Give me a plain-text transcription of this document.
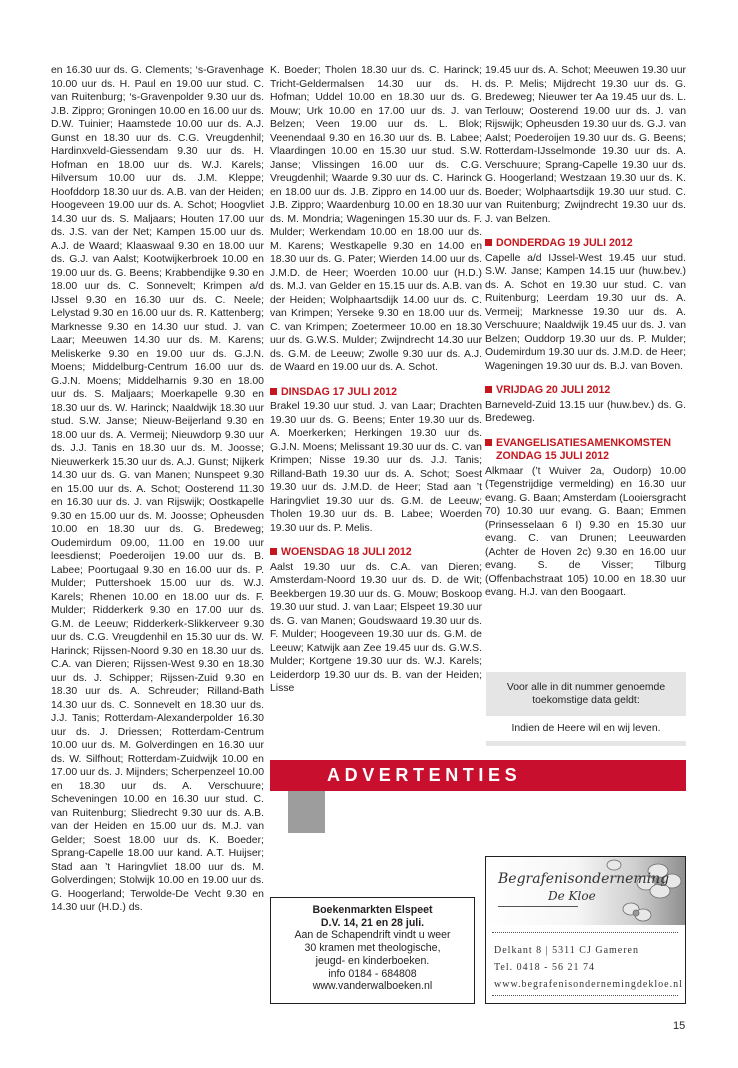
en 16.30 uur ds. G. Clements; ‘s-Gravenhage 10.00 uur ds. H. Paul en 19.00 uur stud. C. van Ruitenburg; ‘s-Gravenpolder 9.30 uur ds. J.B. Zippro; Groningen 10.00 en 16.00 uur ds. D.W. Tuinier; Haamstede 10.00 uur ds. A.J. Gunst en 18.30 uur ds. C.G. Vreugdenhil; Hardinxveld-Giessendam 9.30 uur ds. H. Hofman en 18.00 uur ds. W.J. Karels; Hilversum 10.00 uur ds. J.M. Kleppe; Hoofddorp 18.30 uur ds. A.B. van der Heiden; Hoogeveen 19.00 uur ds. A. Schot; Hoogvliet 14.30 uur ds. S. Maljaars; Houten 17.00 uur ds. J.S. van der Net; Kampen 15.00 uur ds. A.J. de Waard; Klaaswaal 9.30 en 18.00 uur ds. G.J. van Aalst; Kootwijkerbroek 10.00 en 19.00 uur ds. G. Beens; Krabbendijke 9.30 en 18.00 uur ds. C. Sonnevelt; Krimpen a/d IJssel 9.30 en 16.30 uur ds. C. Neele; Lelystad 9.30 en 16.00 uur ds. R. Kattenberg; Marknesse 9.30 en 14.30 uur stud. J. van Laar; Meeuwen 14.30 uur ds. M. Karens; Meliskerke 9.30 en 19.00 uur ds. G.J.N. Moens; Middelburg-Centrum 16.00 uur ds. G.J.N. Moens; Middelharnis 9.30 en 18.00 uur ds. S. Maljaars; Moerkapelle 9.30 en 18.30 uur ds. W. Harinck; Naaldwijk 18.30 uur stud. S.W. Janse; Nieuw-Beijerland 9.30 en 18.00 uur ds. A. Vermeij; Nieuwdorp 9.30 uur ds. J.J. Tanis en 18.30 uur ds. M. Joosse; Nieuwerkerk 15.30 uur ds. A.J. Gunst; Nijkerk 14.30 uur ds. G. van Manen; Nunspeet 9.30 en 15.00 uur ds. A. Schot; Oosterend 11.30 en 16.30 uur ds. J. van Rijswijk; Oostkapelle 9.30 en 15.00 uur ds. M. Joosse; Opheusden 10.00 en 18.30 uur ds. G. Bredeweg; Oudemirdum 09.00, 11.00 en 19.00 uur leesdienst; Poederoijen 19.00 uur ds. B. Labee; Poortugaal 9.30 en 16.00 uur ds. P. Mulder; Puttershoek 15.00 uur ds. W.J. Karels; Rhenen 10.00 en 18.00 uur ds. F. Mulder; Ridderkerk 9.30 en 17.00 uur ds. G.M. de Leeuw; Ridderkerk-Slikkerveer 9.30 uur ds. C.G. Vreugdenhil en 15.30 uur ds. W. Harinck; Rijssen-Noord 9.30 en 18.30 uur ds. C.A. van Dieren; Rijssen-West 9.30 en 18.30 uur ds. J. Schipper; Rijssen-Zuid 9.30 en 18.30 uur ds. A. Schreuder; Rilland-Bath 14.30 uur ds. C. Sonnevelt en 18.30 uur ds. J.J. Tanis; Rotterdam-Alexanderpolder 16.30 uur ds. J. Driessen; Rotterdam-Centrum 10.00 uur ds. M. Golverdingen en 16.30 uur ds. W. Silfhout; Rotterdam-Zuidwijk 10.00 en 17.00 uur ds. J. Mijnders; Scherpenzeel 10.00 en 18.30 uur ds. A. Verschuure; Scheveningen 10.00 en 16.30 uur stud. C. van Ruitenburg; Sliedrecht 9.30 uur ds. A.B. van der Heiden en 15.00 uur ds. M.J. van Gelder; Soest 18.00 uur ds. K. Boeder; Sprang-Capelle 18.00 uur kand. A.T. Huijser; Stad aan ’t Haringvliet 18.00 uur ds. M. Golverdingen; Stolwijk 10.00 en 19.00 uur ds. G. Hoogerland; Terwolde-De Vecht 9.30 en 14.30 uur (H.D.) ds.

K. Boeder; Tholen 18.30 uur ds. C. Harinck; Tricht-Geldermalsen 14.30 uur ds. H. Hofman; Uddel 10.00 en 18.30 uur ds. G. Mouw; Urk 10.00 en 17.00 uur ds. J. van Belzen; Veen 19.00 uur ds. L. Blok; Veenendaal 9.30 en 16.30 uur ds. B. Labee; Vlaardingen 10.00 en 15.30 uur stud. S.W. Janse; Vlissingen 16.00 uur ds. C.G. Vreugdenhil; Waarde 9.30 uur ds. C. Harinck en 18.00 uur ds. J.B. Zippro en 14.00 uur ds. J.B. Zippro; Waardenburg 10.00 en 18.30 uur ds. M. Mondria; Wageningen 15.30 uur ds. F. Mulder; Werkendam 10.00 en 18.00 uur ds. M. Karens; Westkapelle 9.30 en 14.00 en 18.30 uur ds. G. Pater; Wierden 14.00 uur ds. J.M.D. de Heer; Woerden 10.00 uur (H.D.) ds. M.J. van Gelder en 15.15 uur ds. A.B. van der Heiden; Wolphaartsdijk 14.00 uur ds. C. van Krimpen; Yerseke 9.30 en 18.00 uur ds. C. van Krimpen; Zoetermeer 10.00 en 18.30 uur ds. G.W.S. Mulder; Zwijndrecht 14.30 uur ds. G.M. de Leeuw; Zwolle 9.30 uur ds. A.J. de Waard en 19.00 uur ds. A. Schot.

DINSDAG 17 JULI 2012

Brakel 19.30 uur stud. J. van Laar; Drachten 19.30 uur ds. G. Beens; Enter 19.30 uur ds. A. Moerkerken; Herkingen 19.30 uur ds. G.J.N. Moens; Melissant 19.30 uur ds. C. van Krimpen; Nisse 19.30 uur ds. J.J. Tanis; Rilland-Bath 19.30 uur ds. A. Schot; Soest 19.30 uur ds. J.M.D. de Heer; Stad aan ’t Haringvliet 19.30 uur ds. G.M. de Leeuw; Tholen 19.30 uur ds. B. Labee; Woerden 19.30 uur ds. P. Melis.

WOENSDAG 18 JULI 2012

Aalst 19.30 uur ds. C.A. van Dieren; Amsterdam-Noord 19.30 uur ds. D. de Wit; Beekbergen 19.30 uur ds. G. Mouw; Boskoop 19.30 uur stud. J. van Laar; Elspeet 19.30 uur ds. G. van Manen; Goudswaard 19.30 uur ds. F. Mulder; Hoogeveen 19.30 uur ds. G.M. de Leeuw; Katwijk aan Zee 19.45 uur ds. G.W.S. Mulder; Kortgene 19.30 uur ds. W.J. Karels; Leiderdorp 19.30 uur ds. B. van der Heiden; Lisse

19.45 uur ds. A. Schot; Meeuwen 19.30 uur ds. P. Melis; Mijdrecht 19.30 uur ds. G. Bredeweg; Nieuwer ter Aa 19.45 uur ds. L. Terlouw; Oosterend 19.00 uur ds. J. van Rijswijk; Opheusden 19.30 uur ds. G.J. van Aalst; Poederoijen 19.30 uur ds. G. Beens; Rotterdam-IJsselmonde 19.30 uur ds. A. Verschuure; Sprang-Capelle 19.30 uur ds. G. Hoogerland; Westzaan 19.30 uur ds. K. Boeder; Wolphaartsdijk 19.30 uur stud. C. van Ruitenburg; Zwijndrecht 19.30 uur ds. J. van Belzen.

DONDERDAG 19 JULI 2012

Capelle a/d IJssel-West 19.45 uur stud. S.W. Janse; Kampen 14.15 uur (huw.bev.) ds. A. Schot en 19.30 uur stud. C. van Ruitenburg; Leerdam 19.30 uur ds. A. Vermeij; Marknesse 19.30 uur ds. A. Verschuure; Naaldwijk 19.45 uur ds. J. van Belzen; Ouddorp 19.30 uur ds. P. Mulder; Oudemirdum 19.30 uur ds. J.M.D. de Heer; Wageningen 19.30 uur ds. B.J. van Boven.

VRIJDAG 20 JULI 2012

Barneveld-Zuid 13.15 uur (huw.bev.) ds. G. Bredeweg.

EVANGELISATIESAMENKOMSTEN
ZONDAG 15 JULI 2012

Alkmaar (’t Wuiver 2a, Oudorp) 10.00 (Tegenstrijdige vermelding) en 16.30 uur evang. G. Baan; Amsterdam (Looiersgracht 70) 10.30 uur evang. G. Baan; Emmen (Prinsesselaan 6 I) 9.30 en 15.30 uur evang. C. van Drunen; Leeuwarden (Achter de Hoven 2c) 9.30 en 16.00 uur evang. S. de Visser; Tilburg (Offenbachstraat 105) 10.00 en 18.30 uur evang. H.J. van den Boogaart.

Voor alle in dit nummer genoemde
toekomstige data geldt:
Indien de Heere wil en wij leven.
ADVERTENTIES
Boekenmarkten Elspeet
D.V. 14, 21 en 28 juli.
Aan de Schapendrift vindt u weer
30 kramen met theologische,
jeugd- en kinderboeken.
info 0184 - 684808
www.vanderwalboeken.nl
Begrafenisonderneming
De Kloe
Delkant 8 | 5311 CJ Gameren
Tel. 0418 - 56 21 74
www.begrafenisondernemingdekloe.nl
15
